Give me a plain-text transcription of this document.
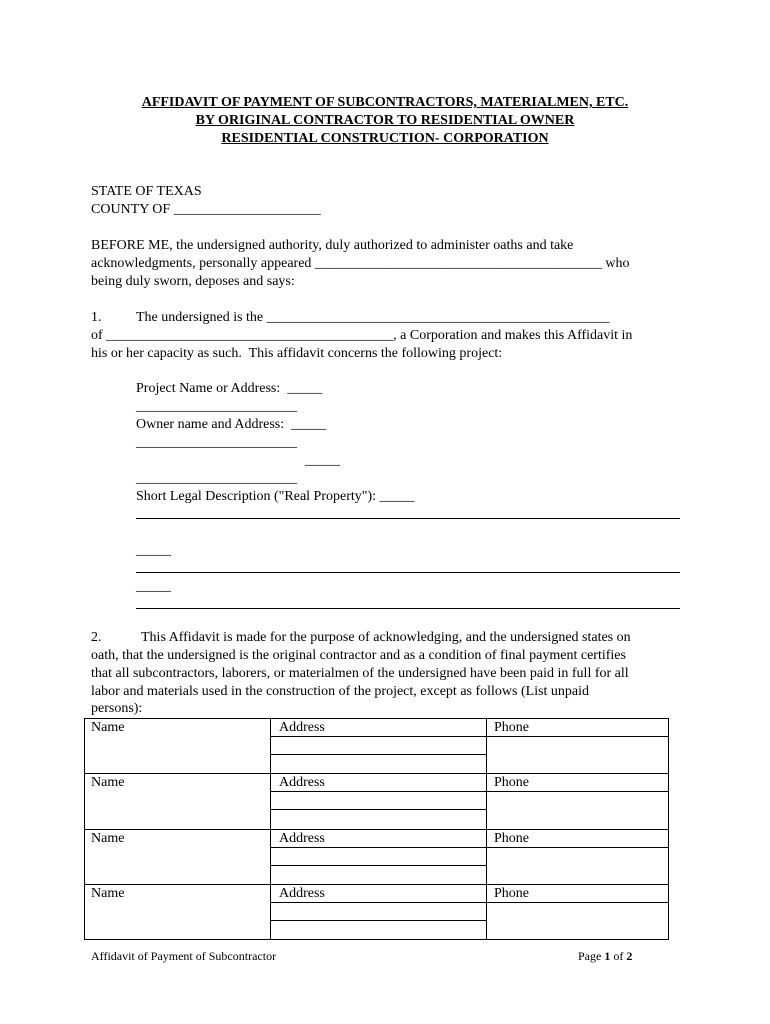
AFFIDAVIT OF PAYMENT OF SUBCONTRACTORS, MATERIALMEN, ETC.
BY ORIGINAL CONTRACTOR TO RESIDENTIAL OWNER
RESIDENTIAL CONSTRUCTION- CORPORATION
STATE OF TEXAS
COUNTY OF _____________________
BEFORE ME, the undersigned authority, duly authorized to administer oaths and take
acknowledgments, personally appeared _________________________________________ who
being duly sworn, deposes and says:
1. The undersigned is the _________________________________________________
of _________________________________________, a Corporation and makes this Affidavit in
his or her capacity as such.  This affidavit concerns the following project:
Project Name or Address:  _____
_______________________
Owner name and Address:  _____
_______________________
_____
_______________________
Short Legal Description ("Real Property"): _____
_____
_____
2.	This Affidavit is made for the purpose of acknowledging, and the undersigned states on
oath, that the undersigned is the original contractor and as a condition of final payment certifies
that all subcontractors, laborers, or materialmen of the undersigned have been paid in full for all
labor and materials used in the construction of the project, except as follows (List unpaid
persons):
Name	Address	Phone
Name	Address	Phone
Name	Address	Phone
Name	Address	Phone
Affidavit of Payment of Subcontractor	Page 1 of 2
